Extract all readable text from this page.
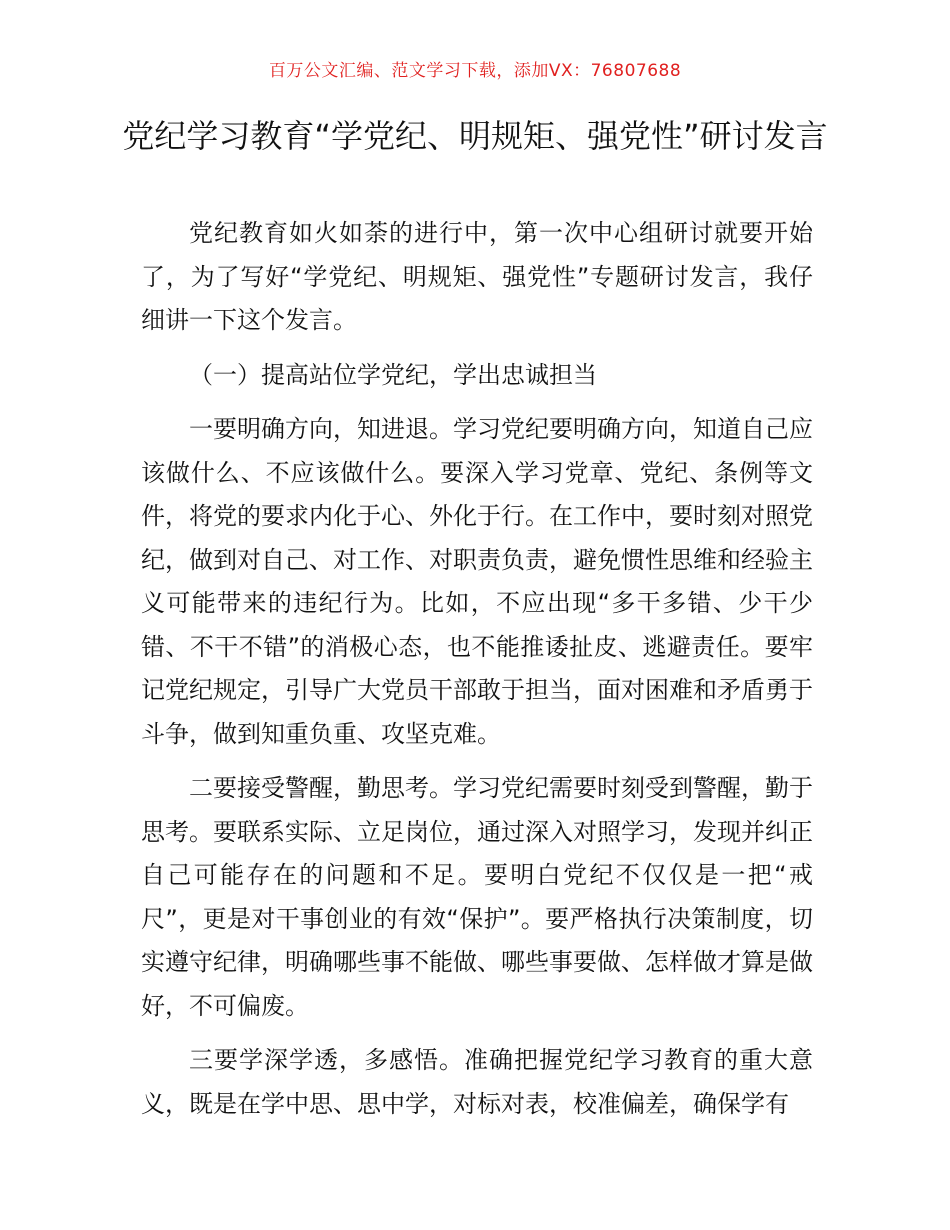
百万公文汇编、范文学习下载，添加VX：76807688
党纪学习教育“学党纪、明规矩、强党性”研讨发言

党纪教育如火如荼的进行中，第一次中心组研讨就要开始了，为了写好“学党纪、明规矩、强党性”专题研讨发言，我仔细讲一下这个发言。

（一）提高站位学党纪，学出忠诚担当

一要明确方向，知进退。学习党纪要明确方向，知道自己应该做什么、不应该做什么。要深入学习党章、党纪、条例等文件，将党的要求内化于心、外化于行。在工作中，要时刻对照党纪，做到对自己、对工作、对职责负责，避免惯性思维和经验主义可能带来的违纪行为。比如，不应出现“多干多错、少干少错、不干不错”的消极心态，也不能推诿扯皮、逃避责任。要牢记党纪规定，引导广大党员干部敢于担当，面对困难和矛盾勇于斗争，做到知重负重、攻坚克难。

二要接受警醒，勤思考。学习党纪需要时刻受到警醒，勤于思考。要联系实际、立足岗位，通过深入对照学习，发现并纠正自己可能存在的问题和不足。要明白党纪不仅仅是一把“戒尺”，更是对干事创业的有效“保护”。要严格执行决策制度，切实遵守纪律，明确哪些事不能做、哪些事要做、怎样做才算是做好，不可偏废。

三要学深学透，多感悟。准确把握党纪学习教育的重大意义，既是在学中思、思中学，对标对表，校准偏差，确保学有
